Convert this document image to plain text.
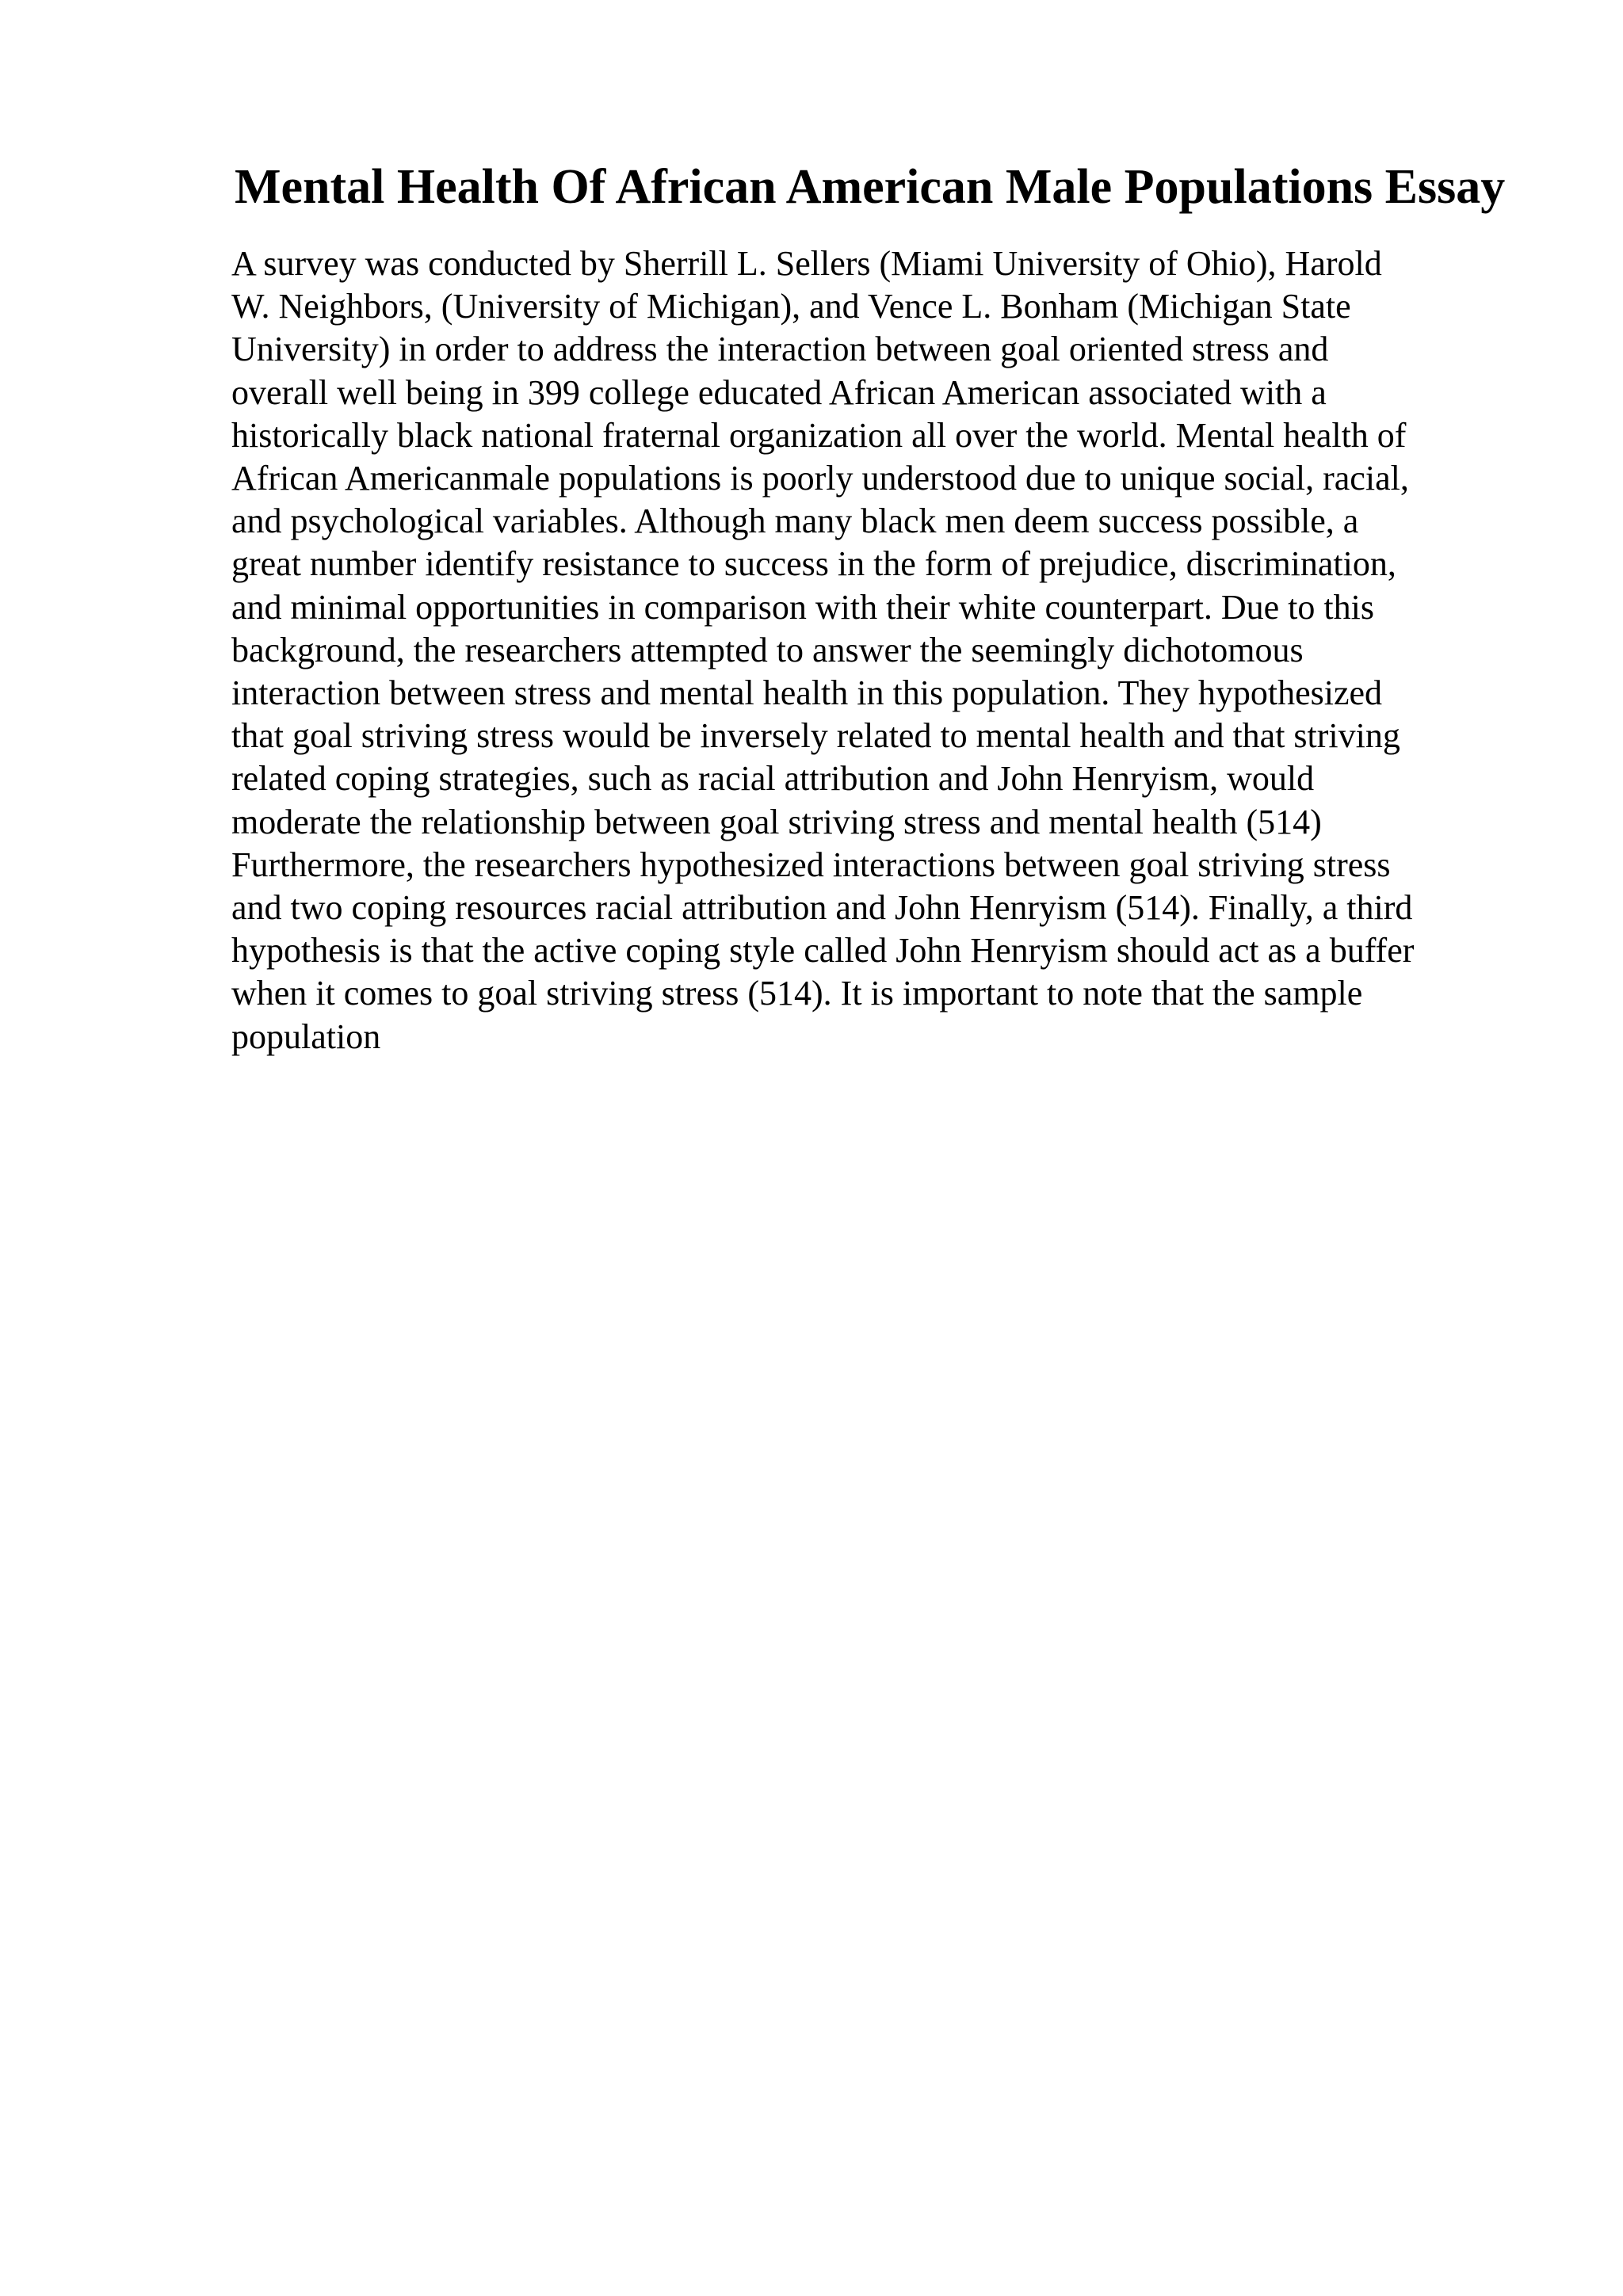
Mental Health Of African American Male Populations Essay
A survey was conducted by Sherrill L. Sellers (Miami University of Ohio), Harold
W. Neighbors, (University of Michigan), and Vence L. Bonham (Michigan State
University) in order to address the interaction between goal oriented stress and
overall well being in 399 college educated African American associated with a
historically black national fraternal organization all over the world. Mental health of
African Americanmale populations is poorly understood due to unique social, racial,
and psychological variables. Although many black men deem success possible, a
great number identify resistance to success in the form of prejudice, discrimination,
and minimal opportunities in comparison with their white counterpart. Due to this
background, the researchers attempted to answer the seemingly dichotomous
interaction between stress and mental health in this population. They hypothesized
that goal striving stress would be inversely related to mental health and that striving
related coping strategies, such as racial attribution and John Henryism, would
moderate the relationship between goal striving stress and mental health (514)
Furthermore, the researchers hypothesized interactions between goal striving stress
and two coping resources racial attribution and John Henryism (514). Finally, a third
hypothesis is that the active coping style called John Henryism should act as a buffer
when it comes to goal striving stress (514). It is important to note that the sample
population
